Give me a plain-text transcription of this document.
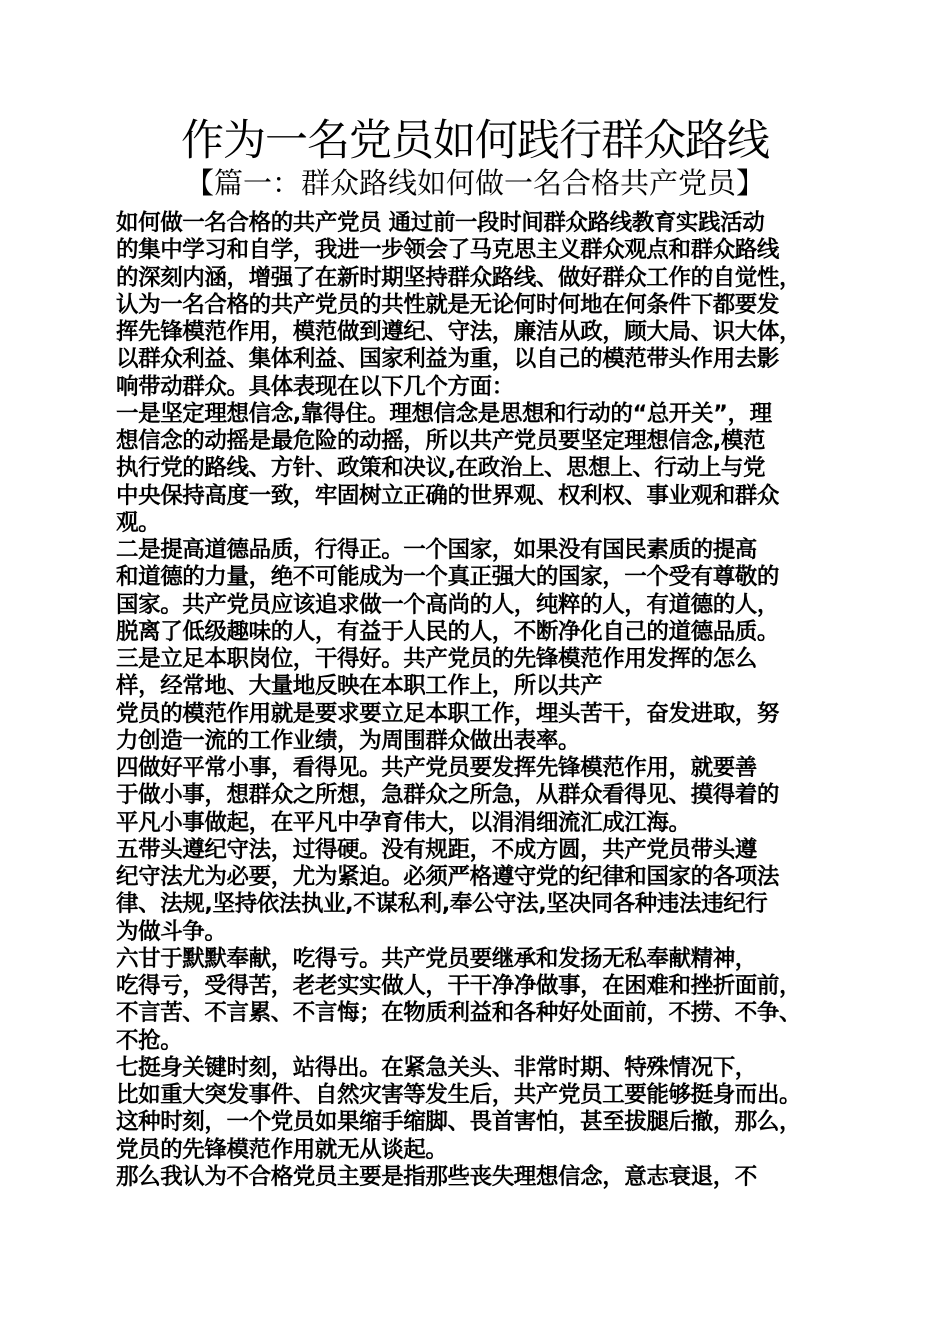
作为一名党员如何践行群众路线
【篇一：群众路线如何做一名合格共产党员】
如何做一名合格的共产党员 通过前一段时间群众路线教育实践活动
的集中学习和自学，我进一步领会了马克思主义群众观点和群众路线
的深刻内涵，增强了在新时期坚持群众路线、做好群众工作的自觉性，
认为一名合格的共产党员的共性就是无论何时何地在何条件下都要发
挥先锋模范作用，模范做到遵纪、守法，廉洁从政，顾大局、识大体，
以群众利益、集体利益、国家利益为重，以自己的模范带头作用去影
响带动群众。具体表现在以下几个方面：
一是坚定理想信念,靠得住。理想信念是思想和行动的“总开关”，理
想信念的动摇是最危险的动摇，所以共产党员要坚定理想信念,模范
执行党的路线、方针、政策和决议,在政治上、思想上、行动上与党
中央保持高度一致，牢固树立正确的世界观、权利权、事业观和群众
观。
二是提高道德品质，行得正。一个国家，如果没有国民素质的提高
和道德的力量，绝不可能成为一个真正强大的国家，一个受有尊敬的
国家。共产党员应该追求做一个高尚的人，纯粹的人，有道德的人，
脱离了低级趣味的人，有益于人民的人，不断净化自己的道德品质。
三是立足本职岗位，干得好。共产党员的先锋模范作用发挥的怎么
样，经常地、大量地反映在本职工作上，所以共产
党员的模范作用就是要求要立足本职工作，埋头苦干，奋发进取，努
力创造一流的工作业绩，为周围群众做出表率。
四做好平常小事，看得见。共产党员要发挥先锋模范作用，就要善
于做小事，想群众之所想，急群众之所急，从群众看得见、摸得着的
平凡小事做起，在平凡中孕育伟大，以涓涓细流汇成江海。
五带头遵纪守法，过得硬。没有规距，不成方圆，共产党员带头遵
纪守法尤为必要，尤为紧迫。必须严格遵守党的纪律和国家的各项法
律、法规,坚持依法执业,不谋私利,奉公守法,坚决同各种违法违纪行
为做斗争。
六甘于默默奉献，吃得亏。共产党员要继承和发扬无私奉献精神，
吃得亏，受得苦，老老实实做人，干干净净做事，在困难和挫折面前，
不言苦、不言累、不言悔；在物质利益和各种好处面前，不捞、不争、
不抢。
七挺身关键时刻，站得出。在紧急关头、非常时期、特殊情况下，
比如重大突发事件、自然灾害等发生后，共产党员工要能够挺身而出。
这种时刻，一个党员如果缩手缩脚、畏首害怕，甚至拔腿后撤，那么，
党员的先锋模范作用就无从谈起。
那么我认为不合格党员主要是指那些丧失理想信念，意志衰退，不
